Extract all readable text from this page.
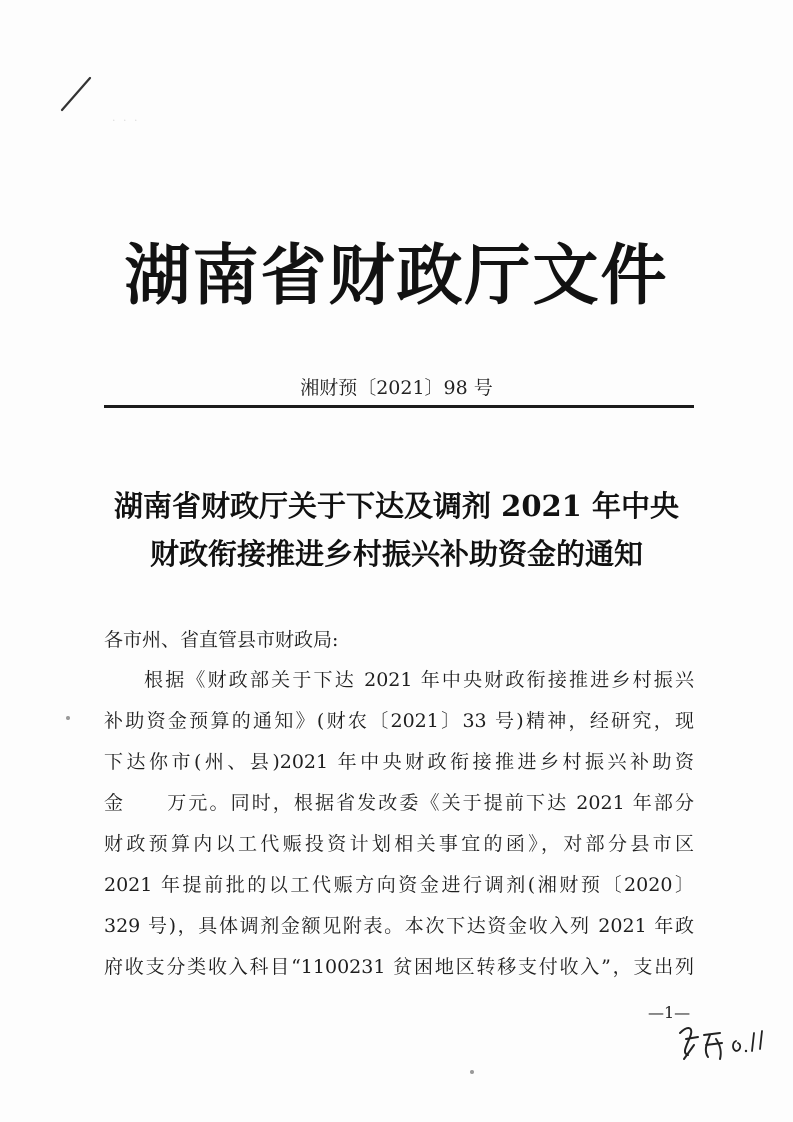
· · ·
湖南省财政厅文件
湘财预〔2021〕98 号
湖南省财政厅关于下达及调剂 2021 年中央
财政衔接推进乡村振兴补助资金的通知
各市州、省直管县市财政局:
根据《财政部关于下达 2021 年中央财政衔接推进乡村振兴
补助资金预算的通知》(财农〔2021〕33 号)精神，经研究，现
下达你市(州、县)2021 年中央财政衔接推进乡村振兴补助资
金　　万元。同时，根据省发改委《关于提前下达 2021 年部分
财政预算内以工代赈投资计划相关事宜的函》，对部分县市区
2021 年提前批的以工代赈方向资金进行调剂(湘财预〔2020〕
329 号)，具体调剂金额见附表。本次下达资金收入列 2021 年政
府收支分类收入科目“1100231 贫困地区转移支付收入”，支出列
—1—
